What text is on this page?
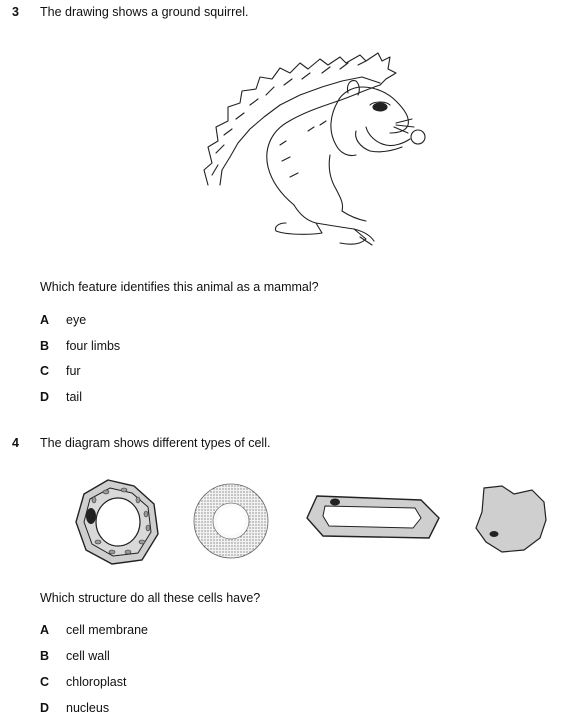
3 The drawing shows a ground squirrel.
Which feature identifies this animal as a mammal?
A eye
B four limbs
C fur
D tail
4 The diagram shows different types of cell.
Which structure do all these cells have?
A cell membrane
B cell wall
C chloroplast
D nucleus
